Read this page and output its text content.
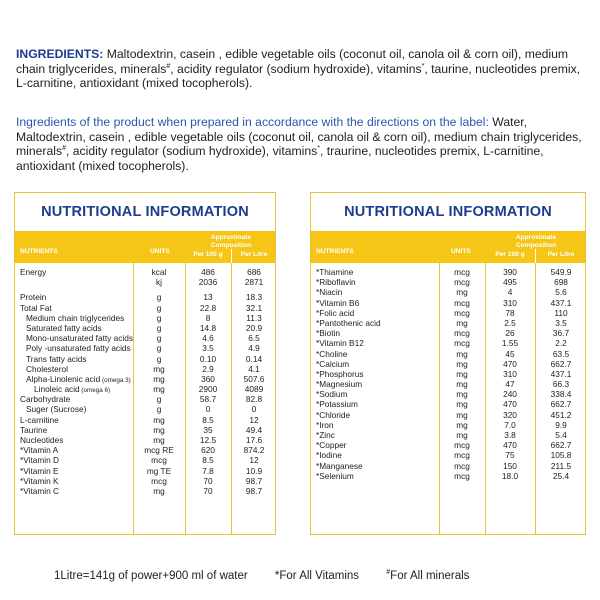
INGREDIENTS: Maltodextrin, casein , edible vegetable oils (coconut oil, canola oil & corn oil), medium chain triglycerides, minerals#, acidity regulator (sodium hydroxide), vitamins*, taurine, nucleotides premix, L-carnitine, antioxidant (mixed tocopherols).

Ingredients of the product when prepared in accordance with the directions on the label: Water, Maltodextrin, casein , edible vegetable oils (coconut oil, canola oil & corn oil), medium chain triglycerides, minerals#, acidity regulator (sodium hydroxide), vitamins*, traurine, nucleotides premix, L-carnitine, antioxidant (mixed tocopherols).

NUTRITIONAL INFORMATION
NUTRIENTS	UNITS
Approximate
Composition
Per 100 g	Per Litre
Energy	kcal	486	686
kj	2036	2871
Protein	g	13	18.3
Total Fat	g	22.8	32.1
Medium chain triglycerides	g	8	11.3
Saturated fatty acids	g	14.8	20.9
Mono-unsaturated fatty acids	g	4.6	6.5
Poly -unsaturated fatty acids	g	3.5	4.9
Trans fatty acids	g	0.10	0.14
Cholesterol	mg	2.9	4.1
Alpha-Linolenic acid (omega 3)	mg	360	507.6
Linoleic acid (omega 6)	mg	2900	4089
Carbohydrate	g	58.7	82.8
Suger (Sucrose)	g	0	0
L-carnitine	mg	8.5	12
Taurine	mg	35	49.4
Nucleotides	mg	12.5	17.6
*Vitamin A	mcg RE	620	874.2
*Vitamin D	mcg	8.5	12
*Vitamin E	mg TE	7.8	10.9
*Vitamin K	mcg	70	98.7
*Vitamin C	mg	70	98.7
NUTRITIONAL INFORMATION
NUTRIENTS	UNITS
Approximate
Composition
Per 100 g	Per Litre
*Thiamine	mcg	390	549.9
*Riboflavin	mcg	495	698
*Niacin	mg	4	5.6
*Vitamin B6	mcg	310	437.1
*Folic acid	mcg	78	110
*Pantothenic acid	mg	2.5	3.5
*Biotin	mcg	26	36.7
*Vitamin B12	mcg	1.55	2.2
*Choline	mg	45	63.5
*Calcium	mg	470	662.7
*Phosphorus	mg	310	437.1
*Magnesium	mg	47	66.3
*Sodium	mg	240	338.4
*Potassium	mg	470	662.7
*Chloride	mg	320	451.2
*Iron	mg	7.0	9.9
*Zinc	mg	3.8	5.4
*Copper	mcg	470	662.7
*Iodine	mcg	75	105.8
*Manganese	mcg	150	211.5
*Selenium	mcg	18.0	25.4
1Litre=141g of power+900 ml of water *For All Vitamins	#For All minerals
